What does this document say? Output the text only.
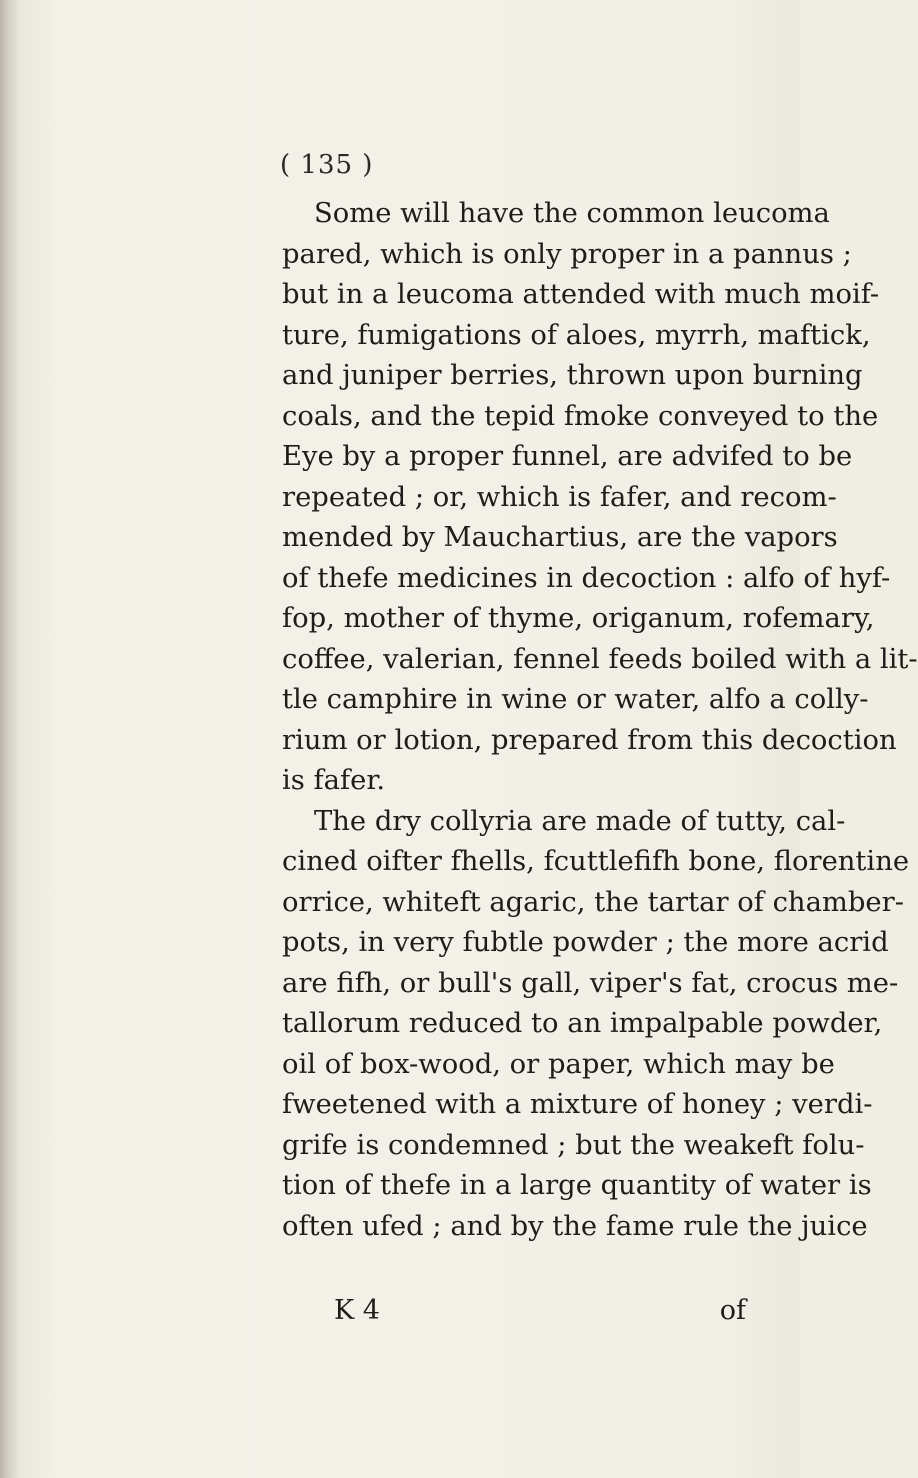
( 135 )
Some will have the common leucoma
pared, which is only proper in a pannus ;
but in a leucoma attended with much moif-
ture, fumigations of aloes, myrrh, maftick,
and juniper berries, thrown upon burning
coals, and the tepid fmoke conveyed to the
Eye by a proper funnel, are advifed to be
repeated ; or, which is fafer, and recom-
mended by Mauchartius, are the vapors
of thefe medicines in decoction : alfo of hyf-
fop, mother of thyme, origanum, rofemary,
coffee, valerian, fennel feeds boiled with a lit-
tle camphire in wine or water, alfo a colly-
rium or lotion, prepared from this decoction
is fafer.
The dry collyria are made of tutty, cal-
cined oifter fhells, fcuttlefifh bone, florentine
orrice, whiteft agaric, the tartar of chamber-
pots, in very fubtle powder ; the more acrid
are fifh, or bull's gall, viper's fat, crocus me-
tallorum reduced to an impalpable powder,
oil of box-wood, or paper, which may be
fweetened with a mixture of honey ; verdi-
grife is condemned ; but the weakeft folu-
tion of thefe in a large quantity of water is
often ufed ; and by the fame rule the juice
K 4	of
